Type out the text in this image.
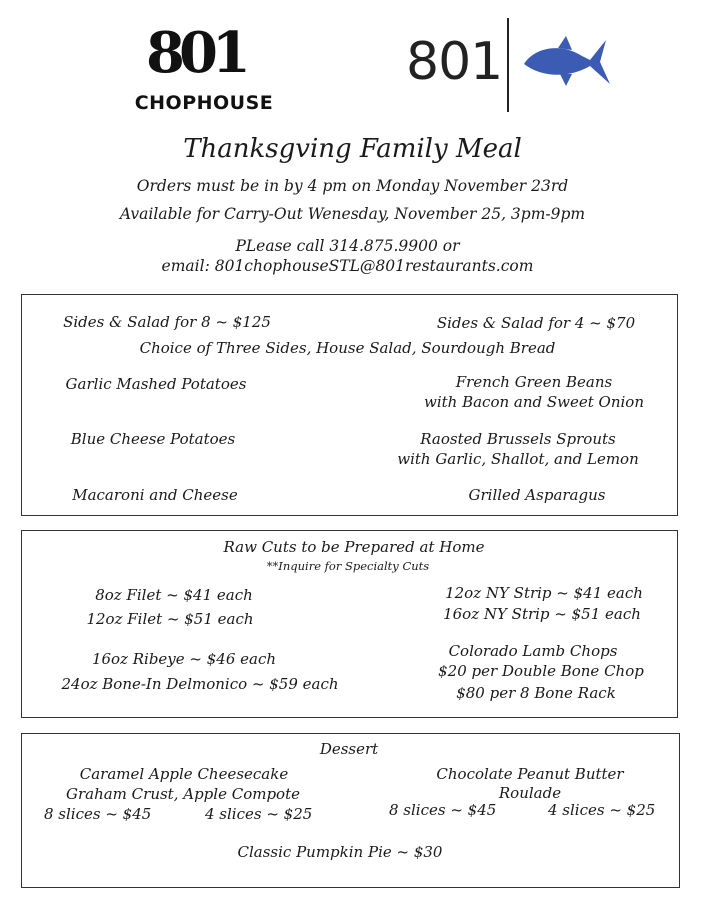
801
CHOPHOUSE
801
Thanksgving Family Meal
Orders must be in by 4 pm on Monday November 23rd
Available for Carry-Out Wenesday, November 25, 3pm-9pm
PLease call 314.875.9900 or
email: 801chophouseSTL@801restaurants.com
Sides & Salad for 8 ~ $125	Sides & Salad for 4 ~ $70
Choice of Three Sides, House Salad, Sourdough Bread
Garlic Mashed Potatoes	French Green Beans
with Bacon and Sweet Onion
Blue Cheese Potatoes	Raosted Brussels Sprouts
with Garlic, Shallot, and Lemon
Macaroni and Cheese	Grilled Asparagus
Raw Cuts to be Prepared at Home
**Inquire for Specialty Cuts
8oz Filet ~ $41 each
12oz Filet ~ $51 each
12oz NY Strip ~ $41 each
16oz NY Strip ~ $51 each
16oz Ribeye ~ $46 each
24oz Bone-In Delmonico ~ $59 each
Colorado Lamb Chops
$20 per Double Bone Chop
$80 per 8 Bone Rack
Dessert
Caramel Apple Cheesecake
Graham Crust, Apple Compote
8 slices ~ $45	4 slices ~ $25
Chocolate Peanut Butter
Roulade
8 slices ~ $45	4 slices ~ $25
Classic Pumpkin Pie ~ $30
